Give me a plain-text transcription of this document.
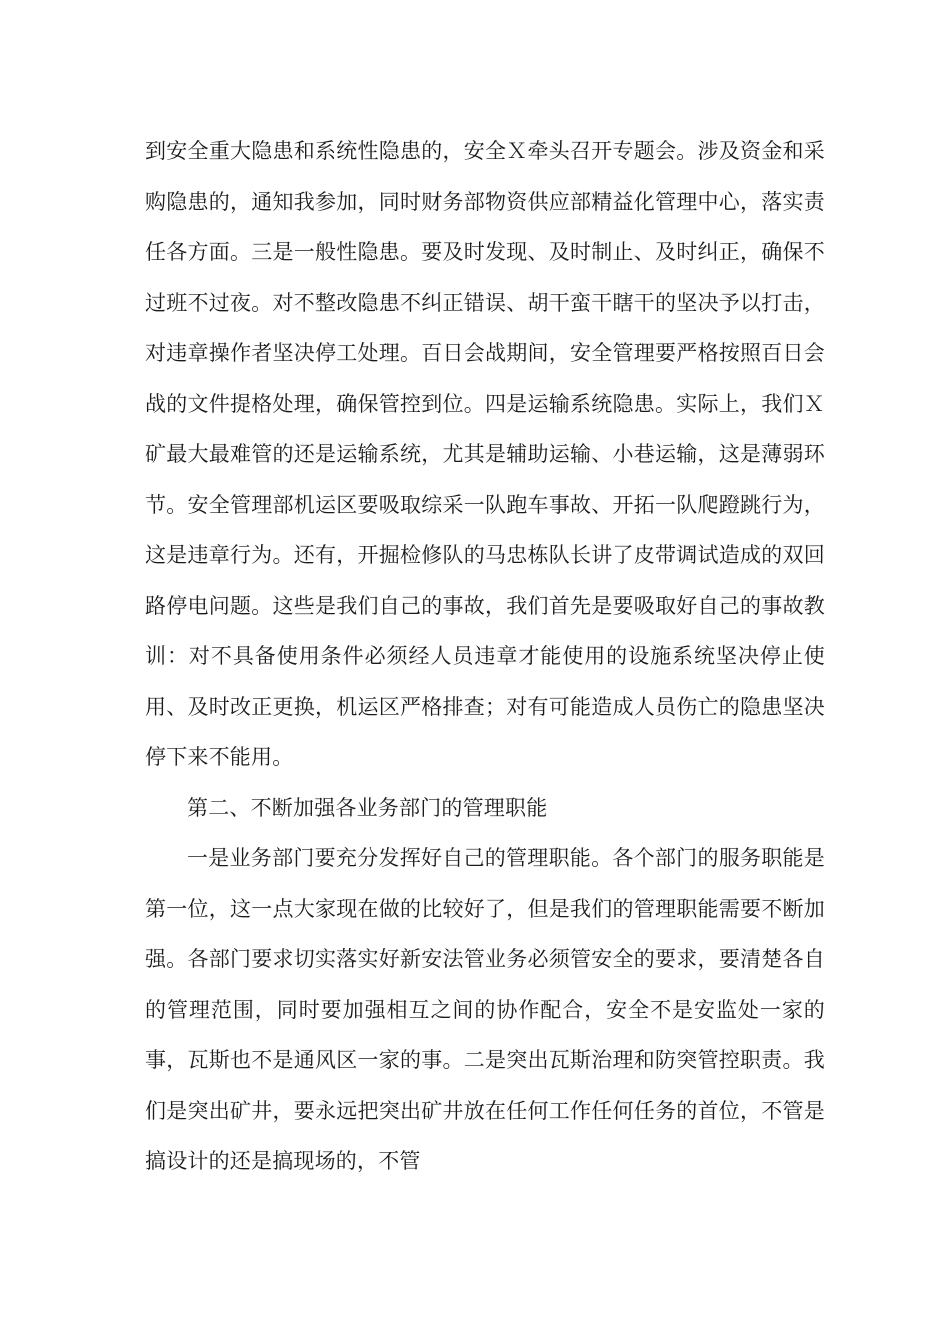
到安全重大隐患和系统性隐患的，安全Ｘ牵头召开专题会。涉及资金和采购隐患的，通知我参加，同时财务部物资供应部精益化管理中心，落实责任各方面。三是一般性隐患。要及时发现、及时制止、及时纠正，确保不过班不过夜。对不整改隐患不纠正错误、胡干蛮干瞎干的坚决予以打击，对违章操作者坚决停工处理。百日会战期间，安全管理要严格按照百日会战的文件提格处理，确保管控到位。四是运输系统隐患。实际上，我们Ｘ矿最大最难管的还是运输系统，尤其是辅助运输、小巷运输，这是薄弱环节。安全管理部机运区要吸取综采一队跑车事故、开拓一队爬蹬跳行为，这是违章行为。还有，开掘检修队的马忠栋队长讲了皮带调试造成的双回路停电问题。这些是我们自己的事故，我们首先是要吸取好自己的事故教训：对不具备使用条件必须经人员违章才能使用的设施系统坚决停止使用、及时改正更换，机运区严格排查；对有可能造成人员伤亡的隐患坚决停下来不能用。

第二、不断加强各业务部门的管理职能

一是业务部门要充分发挥好自己的管理职能。各个部门的服务职能是第一位，这一点大家现在做的比较好了，但是我们的管理职能需要不断加强。各部门要求切实落实好新安法管业务必须管安全的要求，要清楚各自的管理范围，同时要加强相互之间的协作配合，安全不是安监处一家的事，瓦斯也不是通风区一家的事。二是突出瓦斯治理和防突管控职责。我们是突出矿井，要永远把突出矿井放在任何工作任何任务的首位，不管是搞设计的还是搞现场的，不管
